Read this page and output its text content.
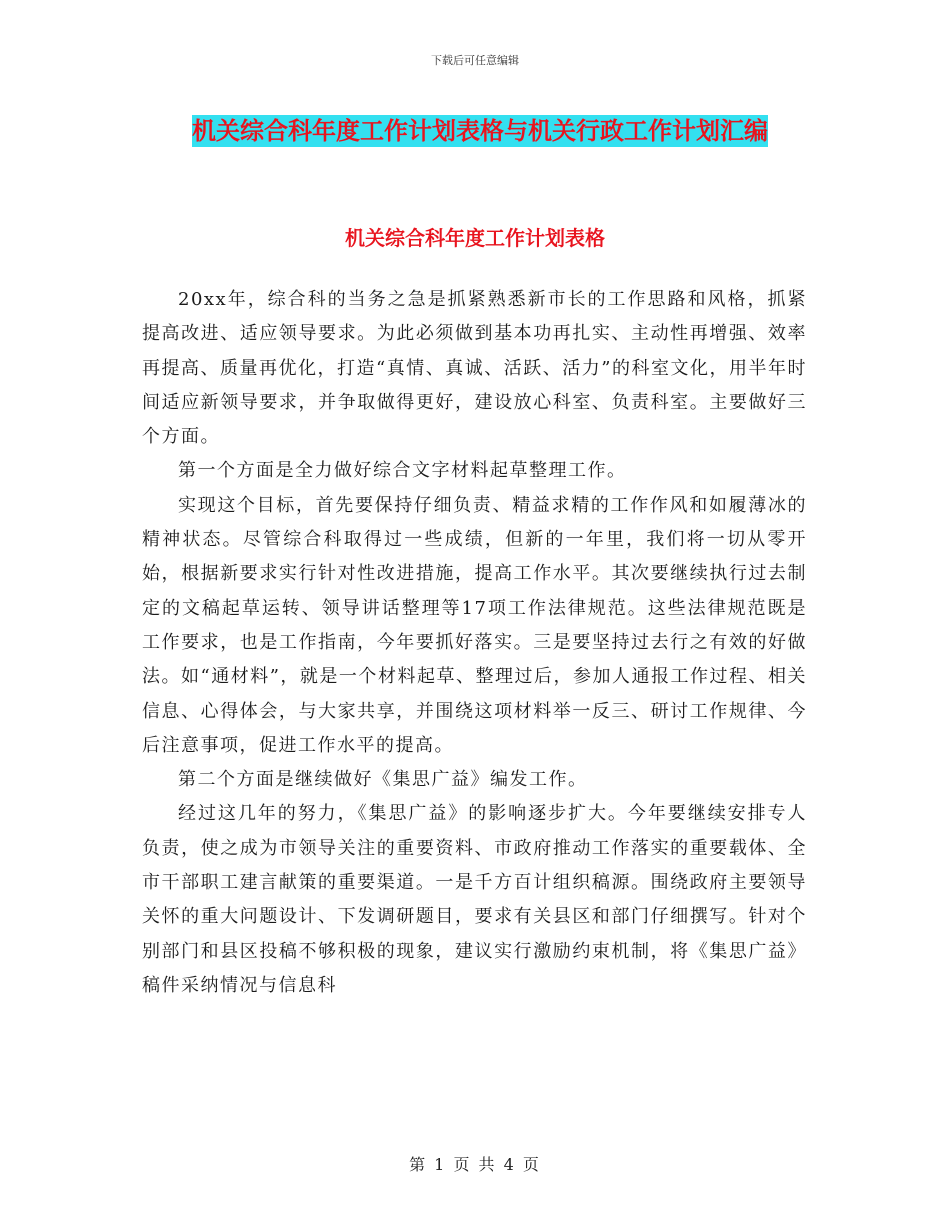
下载后可任意编辑
机关综合科年度工作计划表格与机关行政工作计划汇编
机关综合科年度工作计划表格

20xx年，综合科的当务之急是抓紧熟悉新市长的工作思路和风格，抓紧提高改进、适应领导要求。为此必须做到基本功再扎实、主动性再增强、效率再提高、质量再优化，打造“真情、真诚、活跃、活力”的科室文化，用半年时间适应新领导要求，并争取做得更好，建设放心科室、负责科室。主要做好三个方面。

第一个方面是全力做好综合文字材料起草整理工作。

实现这个目标，首先要保持仔细负责、精益求精的工作作风和如履薄冰的精神状态。尽管综合科取得过一些成绩，但新的一年里，我们将一切从零开始，根据新要求实行针对性改进措施，提高工作水平。其次要继续执行过去制定的文稿起草运转、领导讲话整理等17项工作法律规范。这些法律规范既是工作要求，也是工作指南，今年要抓好落实。三是要坚持过去行之有效的好做法。如“通材料”，就是一个材料起草、整理过后，参加人通报工作过程、相关信息、心得体会，与大家共享，并围绕这项材料举一反三、研讨工作规律、今后注意事项，促进工作水平的提高。

第二个方面是继续做好《集思广益》编发工作。

经过这几年的努力，《集思广益》的影响逐步扩大。今年要继续安排专人负责，使之成为市领导关注的重要资料、市政府推动工作落实的重要载体、全市干部职工建言献策的重要渠道。一是千方百计组织稿源。围绕政府主要领导关怀的重大问题设计、下发调研题目，要求有关县区和部门仔细撰写。针对个别部门和县区投稿不够积极的现象，建议实行激励约束机制，将《集思广益》稿件采纳情况与信息科

第 1 页 共 4 页
